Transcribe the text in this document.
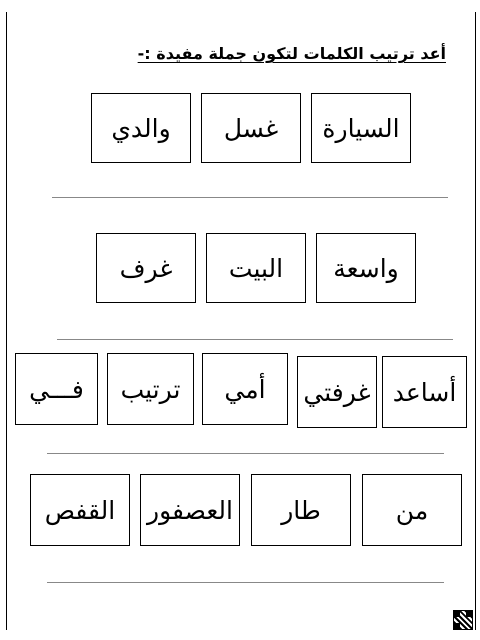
أعد ترتيب الكلمات لتكون جملة مفيدة :-
السيارة
غسل
والدي
واسعة
البيت
غرف
أساعد
غرفتي
أمي
ترتيب
فـــي
من
طار
العصفور
القفص
